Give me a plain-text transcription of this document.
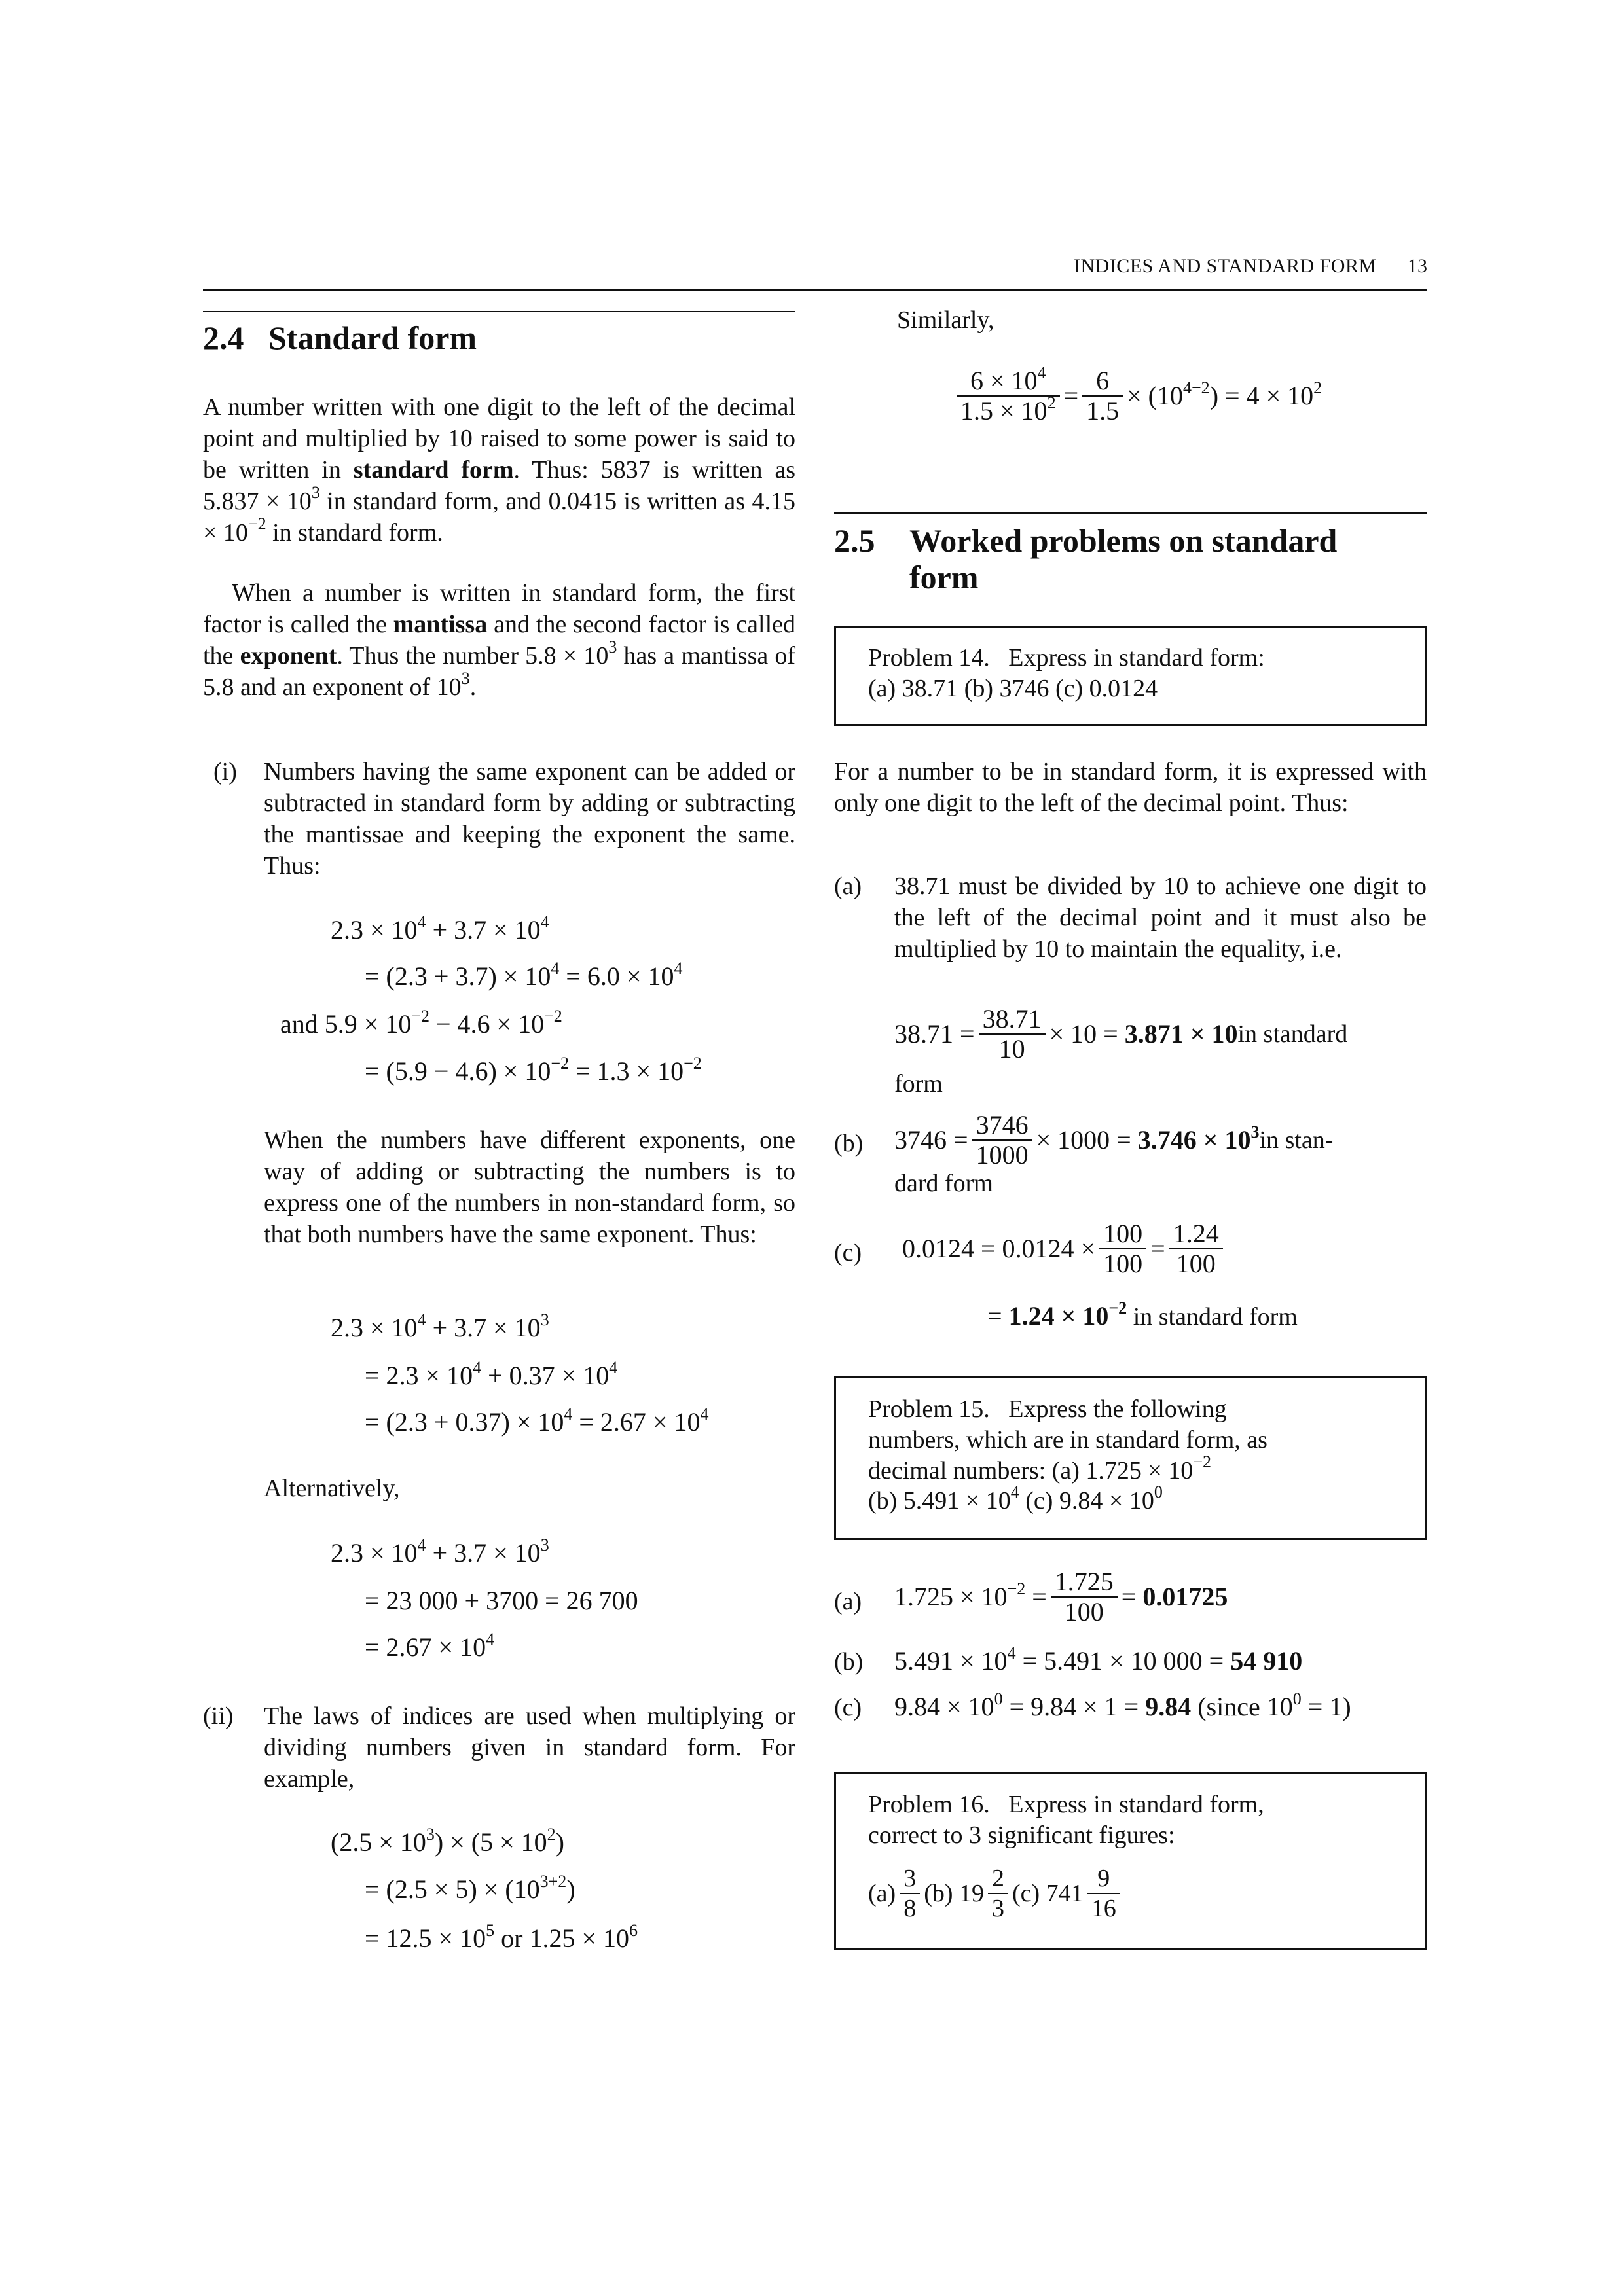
INDICES AND STANDARD FORM	13
2.4 Standard form
A number written with one digit to the left of the decimal point and multiplied by 10 raised to some power is said to be written in standard form. Thus: 5837 is written as $5.837 \times 10^3$ in standard form, and 0.0415 is written as $4.15 \times 10^{-2}$ in standard form.
When a number is written in standard form, the first factor is called the mantissa and the second factor is called the exponent. Thus the number $5.8 \times 10^3$ has a mantissa of 5.8 and an exponent of $10^3$.
(i) Numbers having the same exponent can be added or subtracted in standard form by adding or subtracting the mantissae and keeping the exponent the same. Thus:
$2.3 \times 10^4 + 3.7 \times 10^4$
= $(2.3 + 3.7) \times 10^4 = 6.0 \times 10^4$
and $5.9 \times 10^{-2} - 4.6 \times 10^{-2}$
= $(5.9 - 4.6) \times 10^{-2} = 1.3 \times 10^{-2}$
When the numbers have different exponents, one way of adding or subtracting the numbers is to express one of the numbers in non-standard form, so that both numbers have the same exponent. Thus:
$2.3 \times 10^4 + 3.7 \times 10^3$
= $2.3 \times 10^4 + 0.37 \times 10^4$
= $(2.3 + 0.37) \times 10^4 = 2.67 \times 10^4$
Alternatively,
$2.3 \times 10^4 + 3.7 \times 10^3$
= 23 000 + 3700 = 26 700
= $2.67 \times 10^4$
(ii) The laws of indices are used when multiplying or dividing numbers given in standard form. For example,
$(2.5 \times 10^3) \times (5 \times 10^2)$
= $(2.5 \times 5) \times (10^{3+2})$
= $12.5 \times 10^5$ or $1.25 \times 10^6$
Similarly,
$\frac{6 \times 10^4}{1.5 \times 10^2} = \frac{6}{1.5} \times (10^{4-2}) = 4 \times 10^2$
2.5	Worked problems on standard
form
Problem 14.   Express in standard form:
(a) 38.71 (b) 3746 (c) 0.0124
For a number to be in standard form, it is expressed with only one digit to the left of the decimal point. Thus:
(a) 38.71 must be divided by 10 to achieve one digit to the left of the decimal point and it must also be multiplied by 10 to maintain the equality, i.e.
$38.71 = \frac{38.71}{10} \times 10$ =
3.871 × 10 in standard
form
(b) $3746 = \frac{3746}{1000} \times 1000$ =
$3.746 \times 10^3$ in stan-
dard form
(c) $0.0124 = 0.0124 \times \frac{100}{100} = \frac{1.24}{100}$
= $1.24 \times 10^{-2}$ in standard form
Problem 15.   Express the following
numbers, which are in standard form, as
decimal numbers: (a) $1.725 \times 10^{-2}$
(b) $5.491 \times 10^4$ (c) $9.84 \times 10^0$
(a) $1.725 \times 10^{-2} = \frac{1.725}{100}$ =
0.01725
(b) $5.491 \times 10^4 = 5.491 \times 10$ 000 = 54 910
(c) $9.84 \times 10^0 = 9.84 \times 1 = 9.84$ (since $10^0 = 1$)
Problem 16.   Express in standard form,
correct to 3 significant figures:
$(a) \frac{3}{8} (b)$ $19 \frac{2}{3} (c)$ $741 \frac{9}{16}$
